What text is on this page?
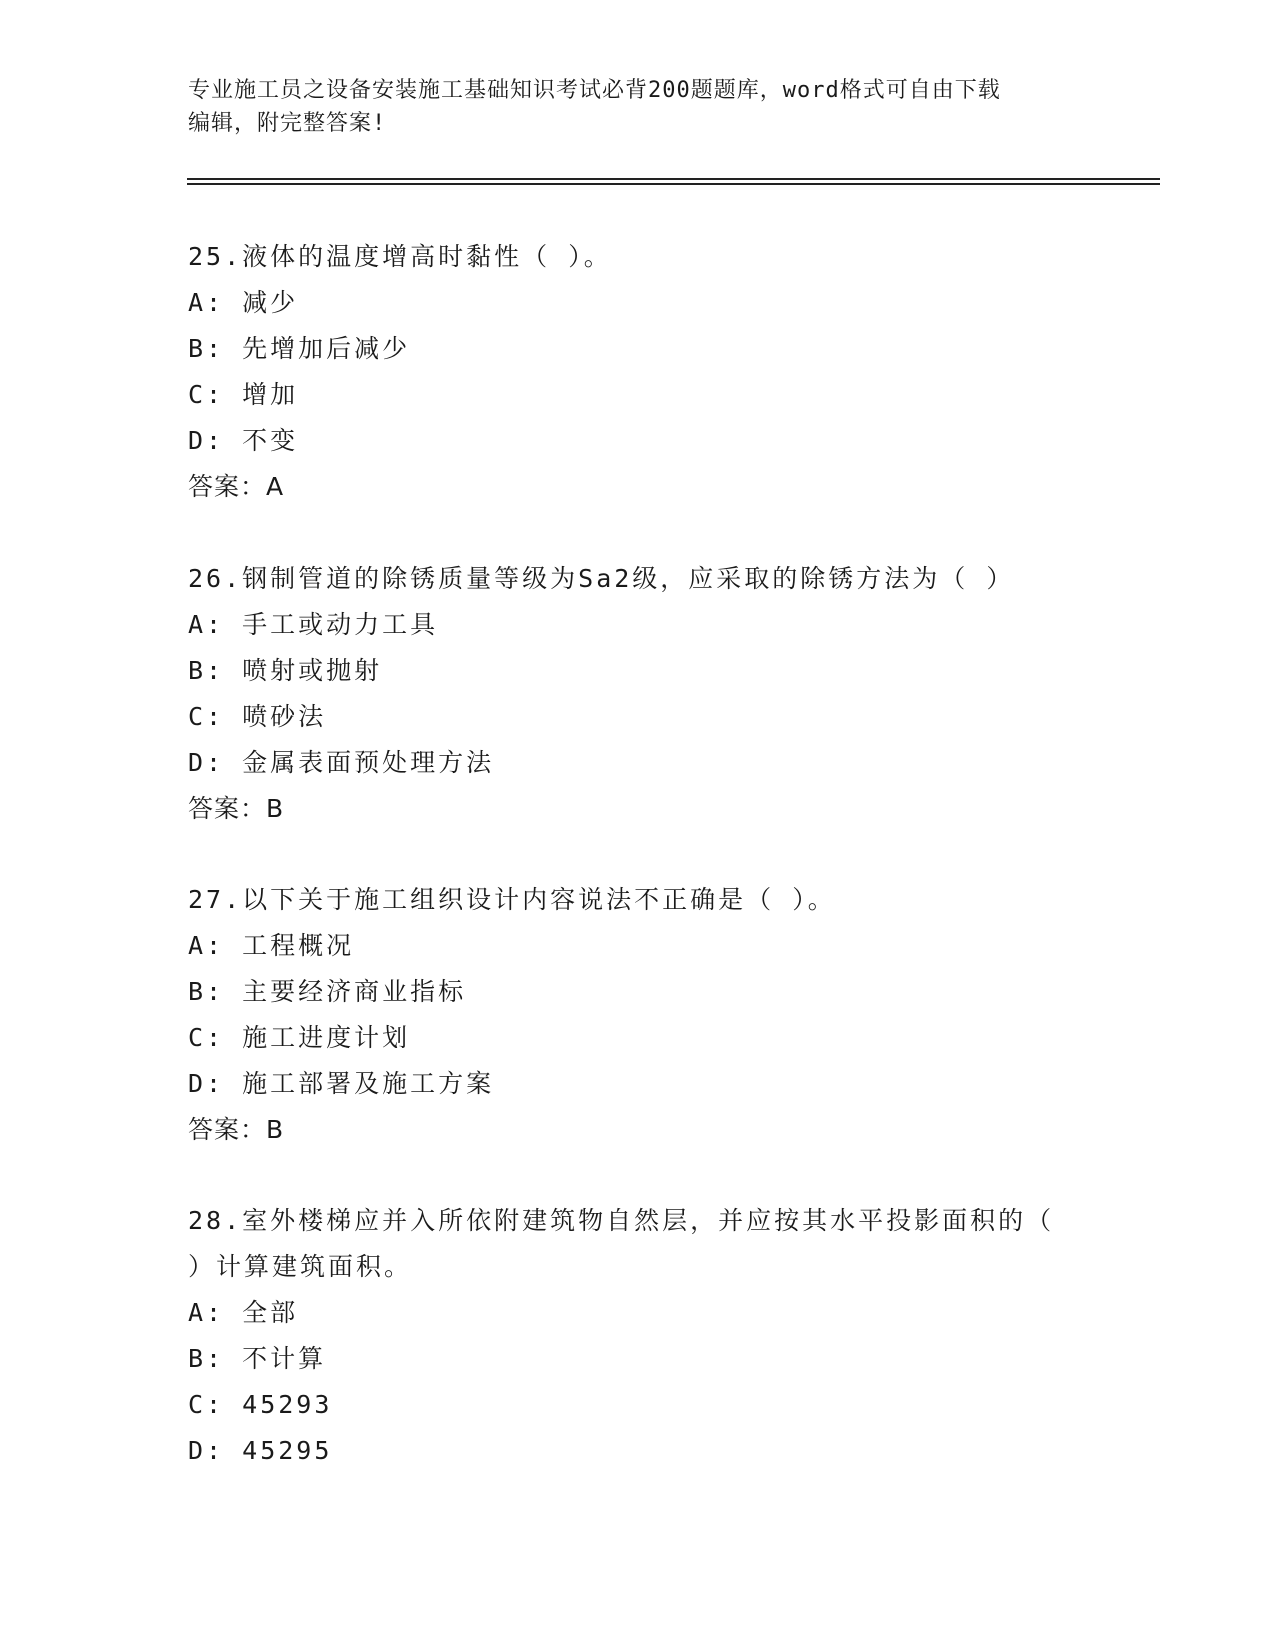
专业施工员之设备安装施工基础知识考试必背200题题库，word格式可自由下载
编辑，附完整答案!
25.液体的温度增高时黏性（ ）。
A: 减少
B: 先增加后减少
C: 增加
D: 不变
答案：A
26.钢制管道的除锈质量等级为Sa2级，应采取的除锈方法为（ ）
A: 手工或动力工具
B: 喷射或抛射
C: 喷砂法
D: 金属表面预处理方法
答案：B
27.以下关于施工组织设计内容说法不正确是（ ）。
A: 工程概况
B: 主要经济商业指标
C: 施工进度计划
D: 施工部署及施工方案
答案：B
28.室外楼梯应并入所依附建筑物自然层，并应按其水平投影面积的（
）计算建筑面积。
A: 全部
B: 不计算
C: 45293
D: 45295
